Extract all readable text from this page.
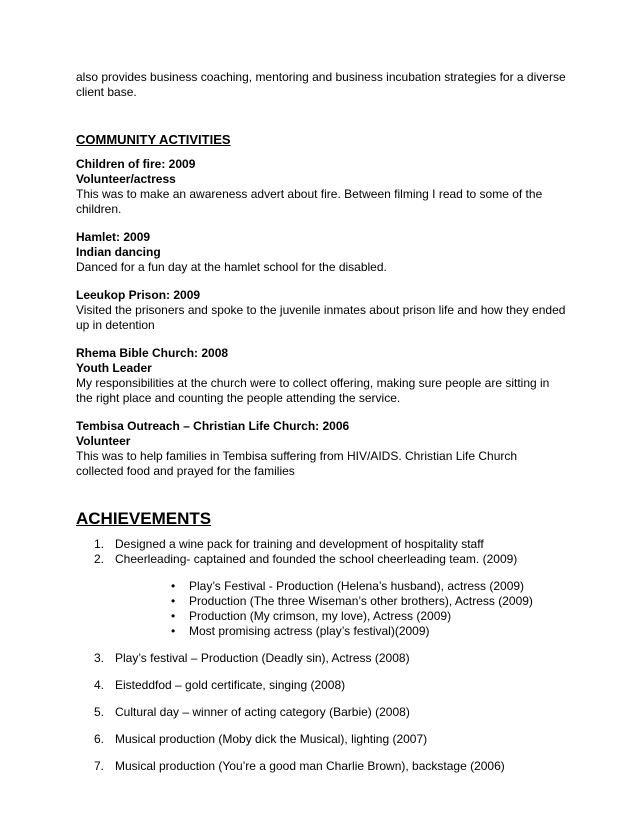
also provides business coaching, mentoring and business incubation strategies for a diverse client base.

COMMUNITY ACTIVITIES
Children of fire: 2009
Volunteer/actress
This was to make an awareness advert about fire. Between filming I read to some of the children.
Hamlet: 2009
Indian dancing
Danced for a fun day at the hamlet school for the disabled.
Leeukop Prison: 2009
Visited the prisoners and spoke to the juvenile inmates about prison life and how they ended up in detention
Rhema Bible Church: 2008
Youth Leader
My responsibilities at the church were to collect offering, making sure people are sitting in the right place and counting the people attending the service.
Tembisa Outreach – Christian Life Church: 2006
Volunteer
This was to help families in Tembisa suffering from HIV/AIDS. Christian Life Church collected food and prayed for the families
ACHIEVEMENTS
1. Designed a wine pack for training and development of hospitality staff
2. Cheerleading- captained and founded the school cheerleading team. (2009)
• Play’s Festival - Production (Helena’s husband), actress (2009)
• Production (The three Wiseman’s other brothers), Actress (2009)
• Production (My crimson, my love), Actress (2009)
• Most promising actress (play’s festival)(2009)
3. Play’s festival – Production (Deadly sin), Actress (2008)
4. Eisteddfod – gold certificate, singing (2008)
5. Cultural day – winner of acting category (Barbie) (2008)
6. Musical production (Moby dick the Musical), lighting (2007)
7. Musical production (You’re a good man Charlie Brown), backstage (2006)
